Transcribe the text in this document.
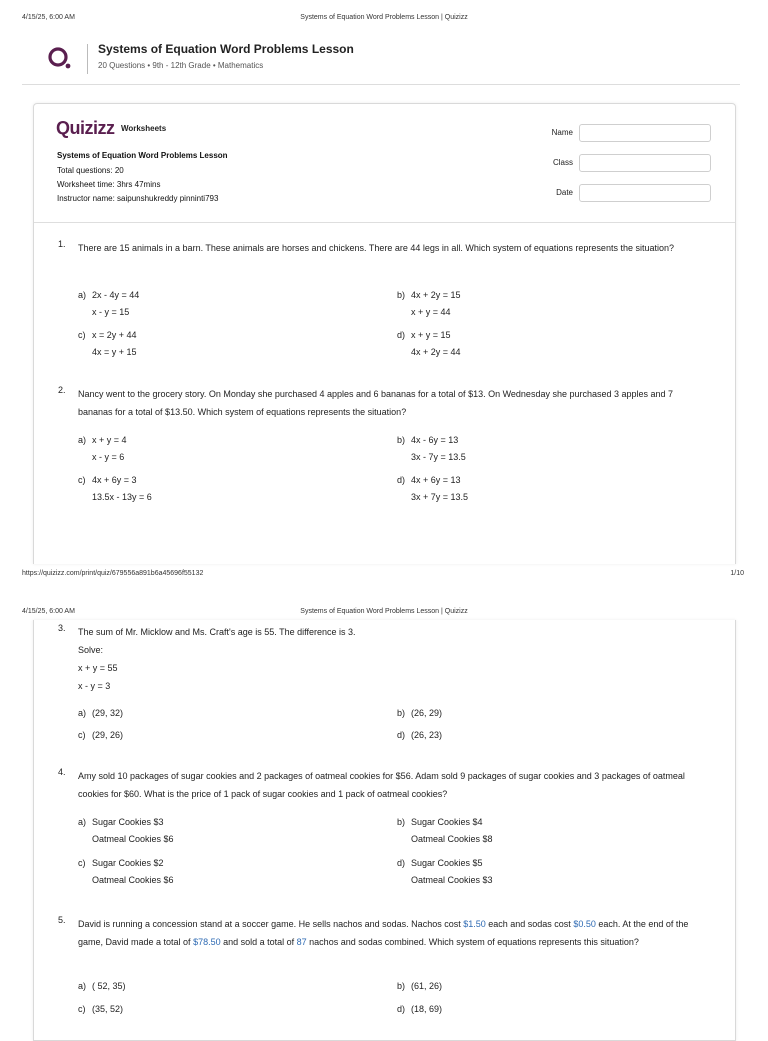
4/15/25, 6:00 AM	Systems of Equation Word Problems Lesson | Quizizz
Systems of Equation Word Problems Lesson
20 Questions • 9th - 12th Grade • Mathematics
Quizizz Worksheets
Systems of Equation Word Problems Lesson
Total questions: 20
Worksheet time: 3hrs 47mins
Instructor name: saipunshukreddy pinninti793
Name
Class
Date
1.	There are 15 animals in a barn. These animals are horses and chickens. There are 44 legs in all. Which system of equations represents the situation?
a) 2x - 4y = 44
x - y = 15
b) 4x + 2y = 15
x + y = 44
c) x = 2y + 44
4x = y + 15
d) x + y = 15
4x + 2y = 44
2.	Nancy went to the grocery story. On Monday she purchased 4 apples and 6 bananas for a total of $13. On Wednesday she purchased 3 apples and 7 bananas for a total of $13.50. Which system of equations represents the situation?
a) x + y = 4
x - y = 6
b) 4x - 6y = 13
3x - 7y = 13.5
c) 4x + 6y = 3
13.5x - 13y = 6
d) 4x + 6y = 13
3x + 7y = 13.5
https://quizizz.com/print/quiz/679556a891b6a45696f55132	1/10
4/15/25, 6:00 AM	Systems of Equation Word Problems Lesson | Quizizz
3.	The sum of Mr. Micklow and Ms. Craft's age is 55. The difference is 3.
Solve:
x + y = 55
x - y = 3
a) (29, 32)	b) (26, 29)
c) (29, 26)	d) (26, 23)
4.	Amy sold 10 packages of sugar cookies and 2 packages of oatmeal cookies for $56. Adam sold 9 packages of sugar cookies and 3 packages of oatmeal cookies for $60. What is the price of 1 pack of sugar cookies and 1 pack of oatmeal cookies?
a) Sugar Cookies $3
Oatmeal Cookies $6
b) Sugar Cookies $4
Oatmeal Cookies $8
c) Sugar Cookies $2
Oatmeal Cookies $6
d) Sugar Cookies $5
Oatmeal Cookies $3
5.	David is running a concession stand at a soccer game. He sells nachos and sodas. Nachos cost $1.50 each and sodas cost $0.50 each. At the end of the game, David made a total of $78.50 and sold a total of 87 nachos and sodas combined. Which system of equations represents this situation?
a) ( 52, 35)	b) (61, 26)
c) (35, 52)	d) (18, 69)
